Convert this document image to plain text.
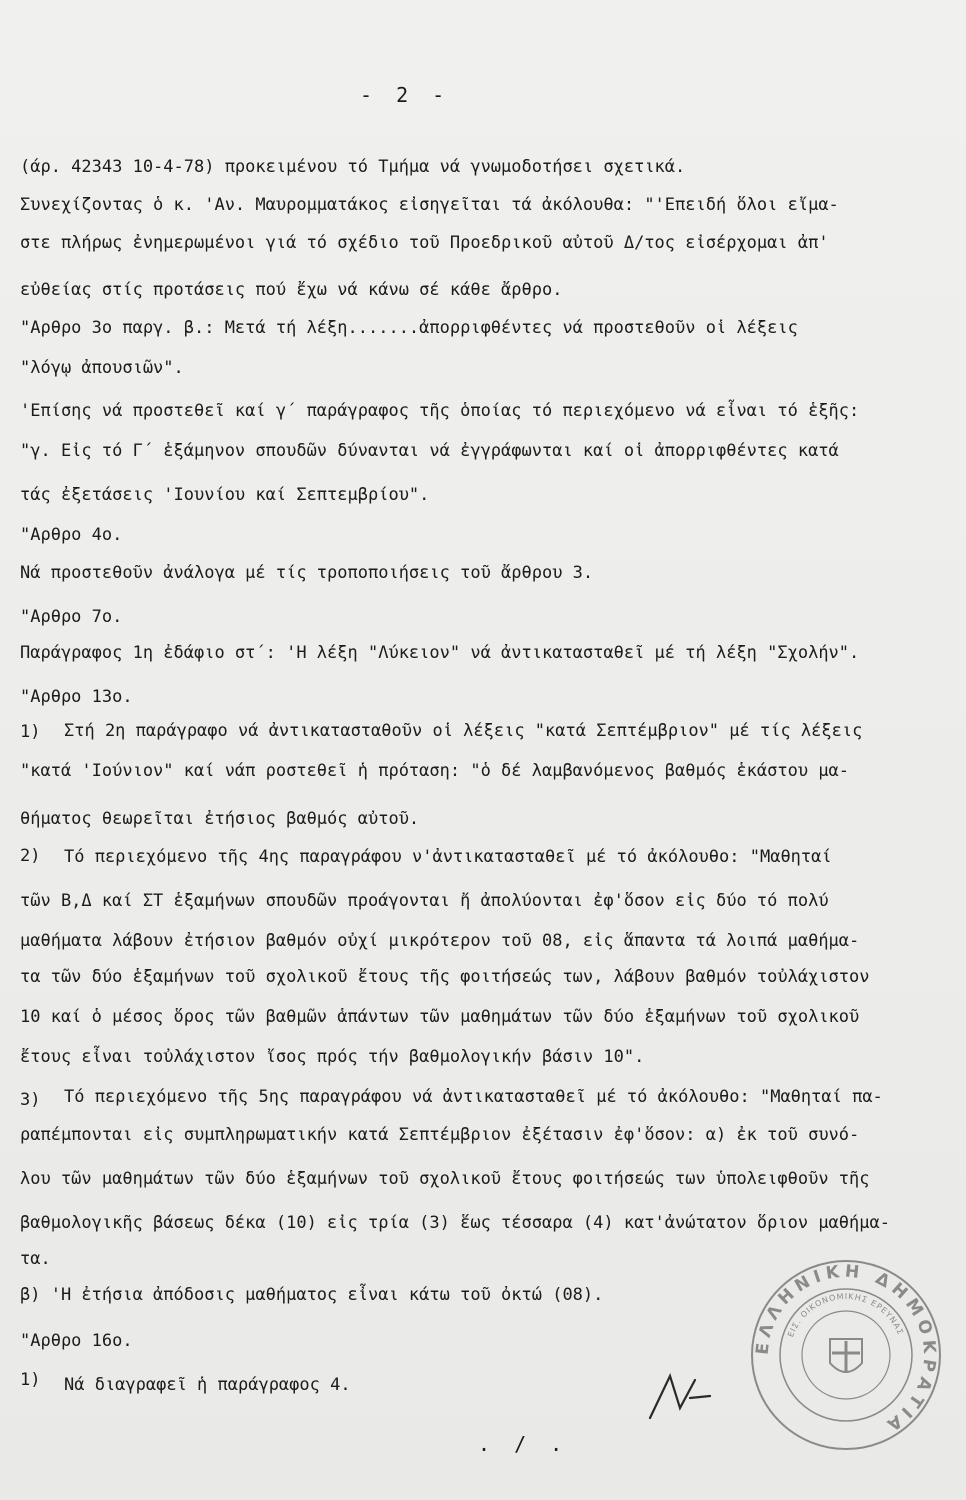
- 2 -
(άρ. 42343 10-4-78) προκειμένου τό Τμήμα νά γνωμοδοτήσει σχετικά.
Συνεχίζοντας ὁ κ. 'Αν. Μαυρομματάκος εἰσηγεῖται τά ἀκόλουθα: "'Επειδή ὅλοι εἴμα-
στε πλήρως ἐνημερωμένοι γιά τό σχέδιο τοῦ Προεδρικοῦ αὐτοῦ Δ/τος εἰσέρχομαι ἀπ'
εὐθείας στίς προτάσεις πού ἔχω νά κάνω σέ κάθε ἄρθρο.
"Αρθρο 3ο παργ. β.: Μετά τή λέξη.......ἀπορριφθέντες νά προστεθοῦν οἱ λέξεις
"λόγῳ ἀπουσιῶν".
'Επίσης νά προστεθεῖ καί γ΄ παράγραφος τῆς ὁποίας τό περιεχόμενο νά εἶναι τό ἑξῆς:
"γ. Εἰς τό Γ΄ ἑξάμηνον σπουδῶν δύνανται νά ἐγγράφωνται καί οἱ ἀπορριφθέντες κατά
τάς ἐξετάσεις 'Ιουνίου καί Σεπτεμβρίου".
"Αρθρο 4ο.
Νά προστεθοῦν ἀνάλογα μέ τίς τροποποιήσεις τοῦ ἄρθρου 3.
"Αρθρο 7ο.
Παράγραφος 1η ἐδάφιο στ΄: 'Η λέξη "Λύκειον" νά ἀντικατασταθεῖ μέ τή λέξη "Σχολήν".
"Αρθρο 13ο.
1) Στή 2η παράγραφο νά ἀντικατασταθοῦν οἱ λέξεις "κατά Σεπτέμβριον" μέ τίς λέξεις
"κατά 'Ιούνιον" καί νάπ ροστεθεῖ ἡ πρόταση: "ὁ δέ λαμβανόμενος βαθμός ἑκάστου μα-
θήματος θεωρεῖται ἐτήσιος βαθμός αὐτοῦ.
2) Τό περιεχόμενο τῆς 4ης παραγράφου ν'ἀντικατασταθεῖ μέ τό ἀκόλουθο: "Μαθηταί
τῶν Β,Δ καί ΣΤ ἑξαμήνων σπουδῶν προάγονται ἤ ἀπολύονται ἐφ'ὅσον εἰς δύο τό πολύ
μαθήματα λάβουν ἐτήσιον βαθμόν οὐχί μικρότερον τοῦ 08, εἰς ἅπαντα τά λοιπά μαθήμα-
τα τῶν δύο ἑξαμήνων τοῦ σχολικοῦ ἔτους τῆς φοιτήσεώς των, λάβουν βαθμόν τοὐλάχιστον
10 καί ὁ μέσος ὅρος τῶν βαθμῶν ἁπάντων τῶν μαθημάτων τῶν δύο ἑξαμήνων τοῦ σχολικοῦ
ἔτους εἶναι τοὐλάχιστον ἴσος πρός τήν βαθμολογικήν βάσιν 10".
3) Τό περιεχόμενο τῆς 5ης παραγράφου νά ἀντικατασταθεῖ μέ τό ἀκόλουθο: "Μαθηταί πα-
ραπέμπονται εἰς συμπληρωματικήν κατά Σεπτέμβριον ἐξέτασιν ἐφ'ὅσον: α) ἐκ τοῦ συνό-
λου τῶν μαθημάτων τῶν δύο ἑξαμήνων τοῦ σχολικοῦ ἔτους φοιτήσεώς των ὑπολειφθοῦν τῆς
βαθμολογικῆς βάσεως δέκα (10) εἰς τρία (3) ἕως τέσσαρα (4) κατ'ἀνώτατον ὅριον μαθήμα-
τα.
β) 'Η ἐτήσια ἀπόδοσις μαθήματος εἶναι κάτω τοῦ ὀκτώ (08).
"Αρθρο 16ο.
1) Νά διαγραφεῖ ἡ παράγραφος 4.
ΕΛΛΗΝΙΚΗ ΔΗΜΟΚΡΑΤΙΑ
ΕΙΣ. ΟΙΚΟΝΟΜΙΚΗΣ ΕΡΕΥΝΑΣ
. / .
